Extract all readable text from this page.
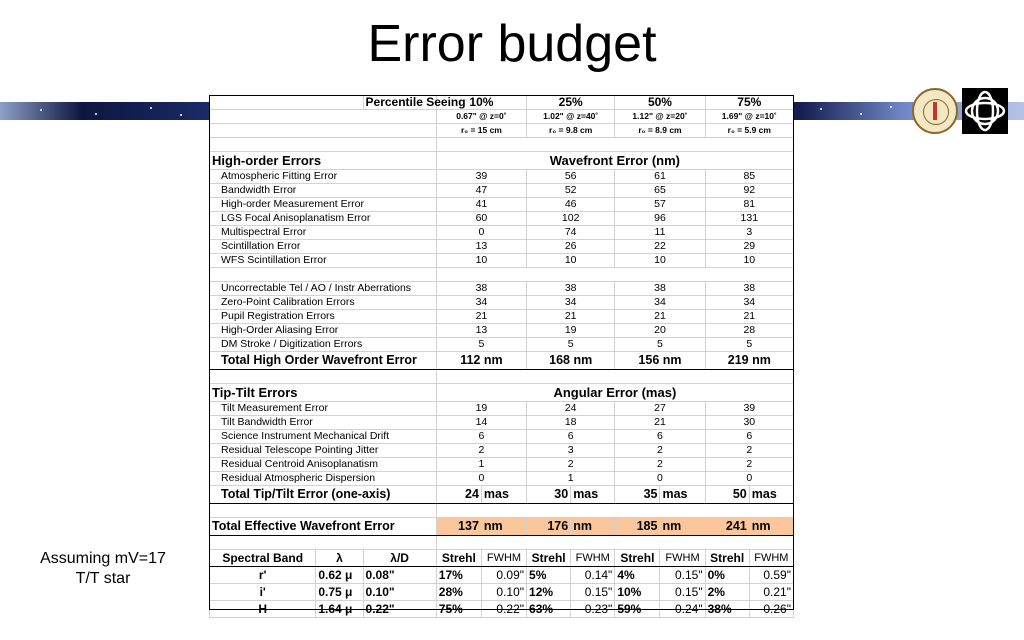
Error budget
Assuming mV=17
T/T star
		Percentile Seeing	10%		25%		50%		75%	
			0.67" @ z=0˚		1.02" @ z=40˚		1.12" @ z=20˚		1.69" @ z=10˚	
			r₀ = 15 cm		r₀ = 9.8 cm		r₀ = 8.9 cm		r₀ = 5.9 cm	

High-order Errors			Wavefront Error (nm)							
Atmospheric Fitting Error			39		56		61		85	
Bandwidth Error			47		52		65		92	
High-order Measurement Error			41		46		57		81	
LGS Focal Anisoplanatism Error			60		102		96		131	
Multispectral Error			0		74		11		3	
Scintillation Error			13		26		22		29	
WFS Scintillation Error			10		10		10		10	

Uncorrectable Tel / AO / Instr Aberrations			38		38		38		38	
Zero-Point Calibration Errors			34		34		34		34	
Pupil Registration Errors			21		21		21		21	
High-Order Aliasing Error			13		19		20		28	
DM Stroke / Digitization Errors			5		5		5		5	
Total High Order Wavefront Error			112 nm		168 nm		156 nm		219 nm	

Tip-Tilt Errors			Angular Error (mas)							
Tilt Measurement Error			19		24		27		39	
Tilt Bandwidth Error			14		18		21		30	
Science Instrument Mechanical Drift			6		6		6		6	
Residual Telescope Pointing Jitter			2		3		2		2	
Residual Centroid Anisoplanatism			1		2		2		2	
Residual Atmospheric Dispersion			0		1		0		0	
Total Tip/Tilt Error (one-axis)			24	mas	30	mas	35	mas	50	mas

Total Effective Wavefront Error			137	nm	176	nm	185	nm	241	nm

Spectral Band	λ	λ/D	Strehl	FWHM	Strehl	FWHM	Strehl	FWHM	Strehl	FWHM
r'	0.62 μ	0.08"	17%	0.09"	5%	0.14"	4%	0.15"	0%	0.59"
i'	0.75 μ	0.10"	28%	0.10"	12%	0.15"	10%	0.15"	2%	0.21"
H	1.64 μ	0.22"	75%	0.22"	63%	0.23"	59%	0.24"	38%	0.26"
